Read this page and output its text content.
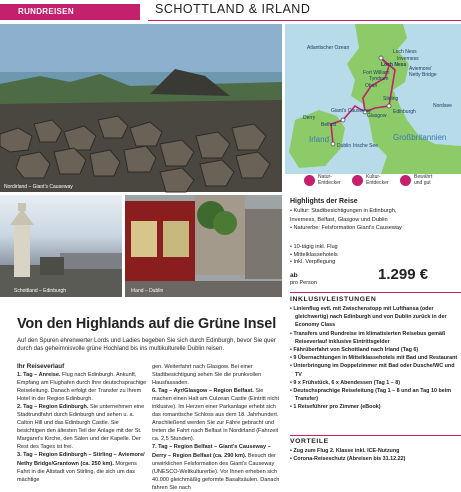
RUNDREISEN	SCHOTTLAND & IRLAND
Nordirland – Giant's Causeway
Schottland – Edinburgh	Irland – Dublin
Atlantischer Ozean
Loch Ness
Inverness
Loch Ness
Fort William
Aviemore/
Netty Bridge
Tyndrum
Oban
Nordsee
Stirling
Glasgow
Giant's Causeway	Edinburgh
Belfast
Derry
Irland	Großbritannien
Dublin Irische See
Natur-
Entdecker
Kultur-
Entdecker
Bewährt
und gut
Highlights der Reise
• Kultur: Stadtbesichtigungen in Edinburgh,
Inverness, Belfast, Glasgow und Dublin
• Naturerbe: Felsformation Giant's Causeway
• 10-tägig inkl. Flug
• Mittelklassehotels
• Inkl. Verpflegung
ab
pro Person	1.299 €
Von den Highlands auf die Grüne Insel
Auf den Spuren ehrenwerter Lords und Ladies begeben Sie sich durch Edinburgh, bevor Sie quer durch das geheimnisvolle grüne Hochland bis ins multikulturelle Dublin reisen.
Ihr Reiseverlauf
1. Tag – Anreise. Flug nach Edinburgh. Ankunft, Empfang am Flughafen durch Ihre deutschsprachige Reiseleitung. Danach erfolgt der Transfer zu Ihrem Hotel in der Region Edinburgh.
2. Tag – Region Edinburgh. Sie unternehmen eine Stadtrundfahrt durch Edinburgh und sehen u. a. Calton Hill und das Edinburgh Castle. Sie besichtigen den ältesten Teil der Anlage mit der St. Margaret's Kirche, den Sälen und der Kapelle. Der Rest des Tages ist frei.
3. Tag – Region Edinburgh – Stirling – Aviemore/ Nethy Bridge/Grantown (ca. 250 km). Morgens Fahrt in die Altstadt von Stirling, die sich um das mächtige
gen. Weiterfahrt nach Glasgow. Bei einer Stadtbesichtigung sehen Sie die prunkvollen Hausfassaden.
6. Tag – Ayr/Glasgow – Region Belfast. Sie machen einen Halt am Culzean Castle (Eintritt nicht inklusive). Im Herzen einer Parkanlage erhebt sich das romantische Schloss aus dem 18. Jahrhundert. Anschließend werden Sie zur Fähre gebracht und treten die Fahrt nach Belfast in Nordirland (Fahrzeit ca. 2,5 Stunden).
7. Tag – Region Belfast – Giant's Causeway – Derry – Region Belfast (ca. 290 km). Besuch der unwirklichen Felsformation des Giant's Causeway (UNESCO-Weltkulturerbe). Vor Ihnen erheben sich 40.000 gleichmäßig geformte Basaltsäulen. Danach fahren Sie nach
INKLUSIVLEISTUNGEN
• Linienflug evtl. mit Zwischenstopp mit Lufthansa (oder gleichwertig) nach Edinburgh und von Dublin zurück in der Economy Class
• Transfers und Rundreise im klimatisierten Reisebus gemäß Reiseverlauf inklusive Eintrittsgelder
• Fährüberfahrt von Schottland nach Irland (Tag 6)
• 9 Übernachtungen in Mittelklassehotels mit Bad und Restaurant
• Unterbringung im Doppelzimmer mit Bad oder Dusche/WC und TV
• 9 x Frühstück, 6 x Abendessen (Tag 1 – 8)
• Deutschsprachige Reiseleitung (Tag 1 – 8 und an Tag 10 beim Transfer)
• 1 Reiseführer pro Zimmer (eBook)
VORTEILE
• Zug zum Flug 2. Klasse inkl. ICE-Nutzung
• Corona-Reiseschutz (Abreisen bis 31.12.22)
